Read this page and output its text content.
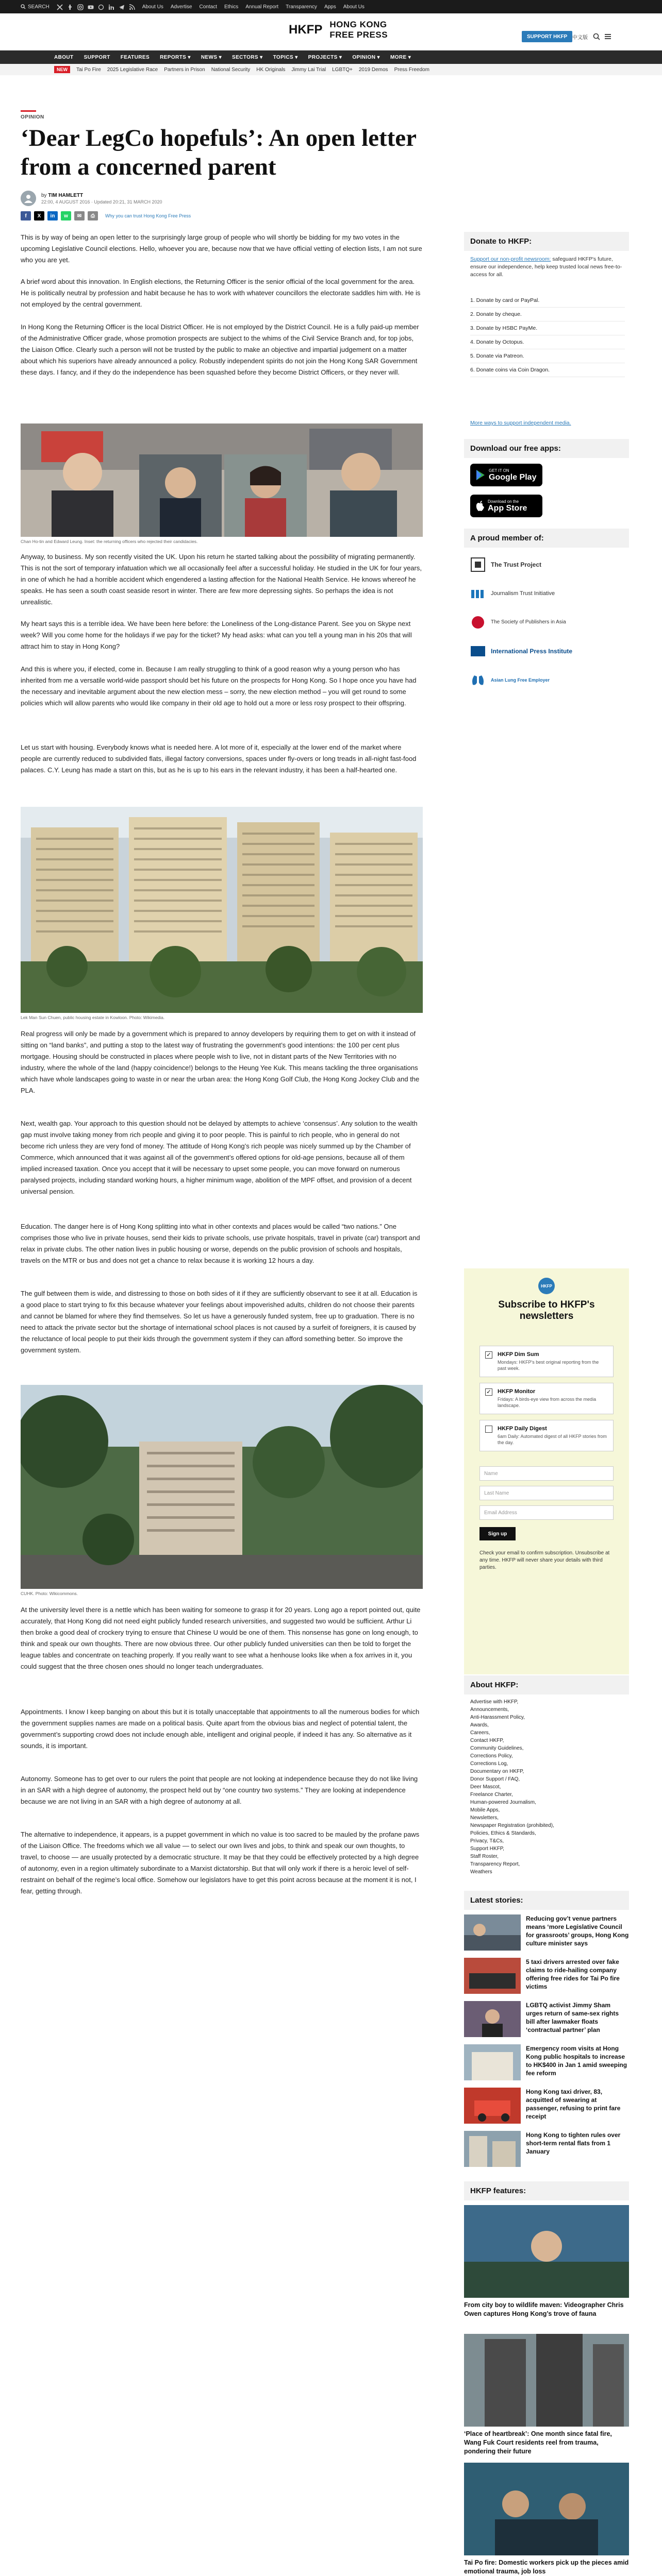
SEARCH	About Us Advertise Contact Ethics Annual Report Transparency Apps About Us
HKFP HONG KONG
FREE PRESS	SUPPORT HKFP 中文版
ABOUT SUPPORT FEATURES REPORTS ▾ NEWS ▾ SECTORS ▾ TOPICS ▾ PROJECTS ▾ OPINION ▾ MORE ▾
NEW	Tai Po Fire 2025 Legislative Race Partners in Prison National Security HK Originals Jimmy Lai Trial LGBTQ+ 2019 Demos Press Freedom
OPINION
‘Dear LegCo hopefuls’: An open letter from a concerned parent
by TIM HAMLETT
22:00, 4 AUGUST 2016 · Updated 20:21, 31 MARCH 2020
f	X	in	w	✉	⎙	Why you can trust Hong Kong Free Press

This is by way of being an open letter to the surprisingly large group of people who will shortly be bidding for my two votes in the upcoming Legislative Council elections. Hello, whoever you are, because now that we have official vetting of election lists, I am not sure who you are yet.

A brief word about this innovation. In English elections, the Returning Officer is the senior official of the local government for the area. He is politically neutral by profession and habit because he has to work with whatever councillors the electorate saddles him with. He is not employed by the central government.

In Hong Kong the Returning Officer is the local District Officer. He is not employed by the District Council. He is a fully paid-up member of the Administrative Officer grade, whose promotion prospects are subject to the whims of the Civil Service Branch and, for top jobs, the Liaison Office. Clearly such a person will not be trusted by the public to make an objective and impartial judgement on a matter about which his superiors have already announced a policy. Robustly independent spirits do not join the Hong Kong SAR Government these days. I fancy, and if they do the independence has been squashed before they become District Officers, or they never will.

Chan Ho-tin and Edward Leung. Inset: the returning officers who rejected their candidacies.

Anyway, to business. My son recently visited the UK. Upon his return he started talking about the possibility of migrating permanently. This is not the sort of temporary infatuation which we all occasionally feel after a successful holiday. He studied in the UK for four years, in one of which he had a horrible accident which engendered a lasting affection for the National Health Service. He knows whereof he speaks. He has seen a south coast seaside resort in winter. There are few more depressing sights. So perhaps the idea is not unrealistic.

My heart says this is a terrible idea. We have been here before: the Loneliness of the Long-distance Parent. See you on Skype next week? Will you come home for the holidays if we pay for the ticket? My head asks: what can you tell a young man in his 20s that will attract him to stay in Hong Kong?

And this is where you, if elected, come in. Because I am really struggling to think of a good reason why a young person who has inherited from me a versatile world-wide passport should bet his future on the prospects for Hong Kong. So I hope once you have had the necessary and inevitable argument about the new election mess – sorry, the new election method – you will get round to some policies which will allow parents who would like company in their old age to hold out a more or less rosy prospect to their offspring.

Let us start with housing. Everybody knows what is needed here. A lot more of it, especially at the lower end of the market where people are currently reduced to subdivided flats, illegal factory conversions, spaces under fly-overs or long treads in all-night fast-food palaces. C.Y. Leung has made a start on this, but as he is up to his ears in the relevant industry, it has been a half-hearted one.

Lek Man Sun Chuen, public housing estate in Kowloon. Photo: Wikimedia.

Real progress will only be made by a government which is prepared to annoy developers by requiring them to get on with it instead of sitting on “land banks”, and putting a stop to the latest way of frustrating the government’s good intentions: the 100 per cent plus mortgage. Housing should be constructed in places where people wish to live, not in distant parts of the New Territories with no industry, where the whole of the land (happy coincidence!) belongs to the Heung Yee Kuk. This means tackling the three organisations which have whole landscapes going to waste in or near the urban area: the Hong Kong Golf Club, the Hong Kong Jockey Club and the PLA.

Next, wealth gap. Your approach to this question should not be delayed by attempts to achieve ‘consensus’. Any solution to the wealth gap must involve taking money from rich people and giving it to poor people. This is painful to rich people, who in general do not become rich unless they are very fond of money. The attitude of Hong Kong’s rich people was nicely summed up by the Chamber of Commerce, which announced that it was against all of the government’s offered options for old-age pensions, because all of them implied increased taxation. Once you accept that it will be necessary to upset some people, you can move forward on numerous paralysed projects, including standard working hours, a higher minimum wage, abolition of the MPF offset, and provision of a decent universal pension.

Education. The danger here is of Hong Kong splitting into what in other contexts and places would be called “two nations.” One comprises those who live in private houses, send their kids to private schools, use private hospitals, travel in private (car) transport and relax in private clubs. The other nation lives in public housing or worse, depends on the public provision of schools and hospitals, travels on the MTR or bus and does not get a chance to relax because it is working 12 hours a day.

The gulf between them is wide, and distressing to those on both sides of it if they are sufficiently observant to see it at all. Education is a good place to start trying to fix this because whatever your feelings about impoverished adults, children do not choose their parents and cannot be blamed for where they find themselves. So let us have a generously funded system, free up to graduation. There is no need to attack the private sector but the shortage of international school places is not caused by a surfeit of foreigners, it is caused by the reluctance of local people to put their kids through the government system if they can afford something better. So improve the government system.

CUHK. Photo: Wikicommons.

At the university level there is a nettle which has been waiting for someone to grasp it for 20 years. Long ago a report pointed out, quite accurately, that Hong Kong did not need eight publicly funded research universities, and suggested two would be sufficient. Arthur Li then broke a good deal of crockery trying to ensure that Chinese U would be one of them. This nonsense has gone on long enough, to think and speak our own thoughts. There are now obvious three. Our other publicly funded universities can then be told to forget the league tables and concentrate on teaching properly. If you really want to see what a henhouse looks like when a fox arrives in it, you could suggest that the three chosen ones should no longer teach undergraduates.

Appointments. I know I keep banging on about this but it is totally unacceptable that appointments to all the numerous bodies for which the government supplies names are made on a political basis. Quite apart from the obvious bias and neglect of potential talent, the government’s supporting crowd does not include enough able, intelligent and original people, if indeed it has any. So alternative as it sounds, it is important.

Autonomy. Someone has to get over to our rulers the point that people are not looking at independence because they do not like living in an SAR with a high degree of autonomy, the prospect held out by “one country two systems.” They are looking at independence because we are not living in an SAR with a high degree of autonomy at all.

The alternative to independence, it appears, is a puppet government in which no value is too sacred to be mauled by the profane paws of the Liaison Office. The freedoms which we all value — to select our own lives and jobs, to think and speak our own thoughts, to travel, to choose — are usually protected by a democratic structure. It may be that they could be effectively protected by a high degree of autonomy, even in a region ultimately subordinate to a Marxist dictatorship. But that will only work if there is a heroic level of self-restraint on behalf of the regime’s local office. Somehow our legislators have to get this point across because at the moment it is not, I fear, getting through.

Donate to HKFP:
Support our non-profit newsroom: safeguard HKFP's future, ensure our independence, help keep trusted local news free-to-access for all.
1. Donate by card or PayPal.
2. Donate by cheque.
3. Donate by HSBC PayMe.
4. Donate by Octopus.
5. Donate via Patreon.
6. Donate coins via Coin Dragon.
More ways to support independent media.
Download our free apps:
GET IT ON
Google Play
Download on the
App Store
A proud member of:
The Trust Project
Journalism Trust Initiative
The Society of Publishers in Asia
International Press Institute
Asian Lung Free Employer
HKFP
Subscribe to HKFP's newsletters
✓ HKFP Dim Sum
Mondays: HKFP's best original reporting from the past week.
✓ HKFP Monitor
Fridays: A birds-eye view from across the media landscape.
HKFP Daily Digest
6am Daily: Automated digest of all HKFP stories from the day.
Name
Last Name
Email Address
Sign up
Check your email to confirm subscription. Unsubscribe at any time. HKFP will never share your details with third parties.
About HKFP:
Advertise with HKFP,
Announcements,
Anti-Harassment Policy,
Awards,
Careers,
Contact HKFP,
Community Guidelines,
Corrections Policy,
Corrections Log,
Documentary on HKFP,
Donor Support / FAQ,
Deer Mascot,
Freelance Charter,
Human-powered Journalism,
Mobile Apps,
Newsletters,
Newspaper Registration (prohibited),
Policies, Ethics & Standards,
Privacy, T&Cs,
Support HKFP,
Staff Roster,
Transparency Report,
Weathers
Latest stories:
Reducing gov’t venue partners means ‘more Legislative Council for grassroots’ groups, Hong Kong culture minister says
5 taxi drivers arrested over fake claims to ride-hailing company offering free rides for Tai Po fire victims
LGBTQ activist Jimmy Sham urges return of same-sex rights bill after lawmaker floats ‘contractual partner’ plan
Emergency room visits at Hong Kong public hospitals to increase to HK$400 in Jan 1 amid sweeping fee reform
Hong Kong taxi driver, 83, acquitted of swearing at passenger, refusing to print fare receipt
Hong Kong to tighten rules over short-term rental flats from 1 January
HKFP features:
From city boy to wildlife maven: Videographer Chris Owen captures Hong Kong’s trove of fauna
‘Place of heartbreak’: One month since fatal fire, Wang Fuk Court residents reel from trauma, pondering their future
Tai Po fire: Domestic workers pick up the pieces amid emotional trauma, job loss
